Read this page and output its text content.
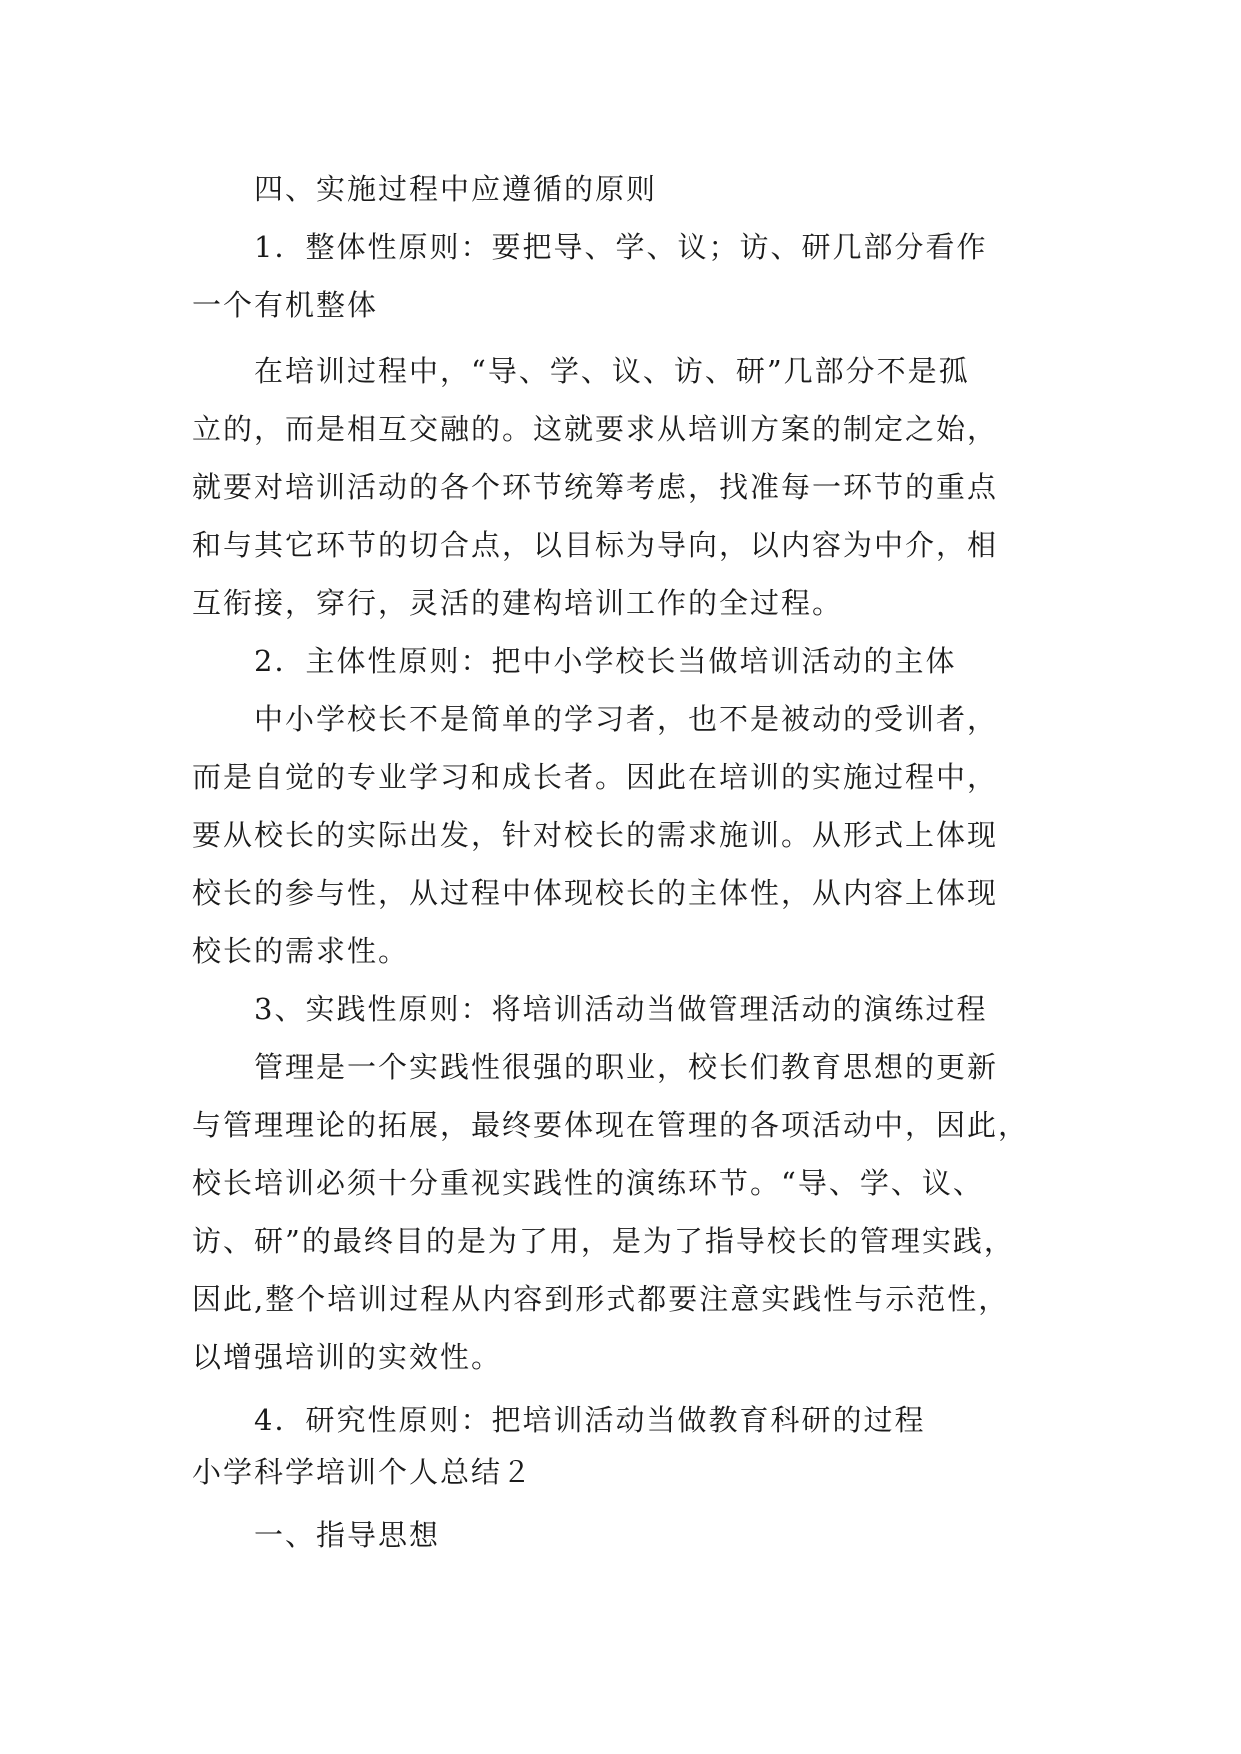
四、实施过程中应遵循的原则
1．整体性原则：要把导、学、议；访、研几部分看作
一个有机整体
在培训过程中，“导、学、议、访、研”几部分不是孤
立的，而是相互交融的。这就要求从培训方案的制定之始，
就要对培训活动的各个环节统筹考虑，找准每一环节的重点
和与其它环节的切合点，以目标为导向，以内容为中介，相
互衔接，穿行，灵活的建构培训工作的全过程。
2．主体性原则：把中小学校长当做培训活动的主体
中小学校长不是简单的学习者，也不是被动的受训者，
而是自觉的专业学习和成长者。因此在培训的实施过程中，
要从校长的实际出发，针对校长的需求施训。从形式上体现
校长的参与性，从过程中体现校长的主体性，从内容上体现
校长的需求性。
3、实践性原则：将培训活动当做管理活动的演练过程
管理是一个实践性很强的职业，校长们教育思想的更新
与管理理论的拓展，最终要体现在管理的各项活动中，因此，
校长培训必须十分重视实践性的演练环节。“导、学、议、
访、研”的最终目的是为了用，是为了指导校长的管理实践，
因此,整个培训过程从内容到形式都要注意实践性与示范性，
以增强培训的实效性。
4．研究性原则：把培训活动当做教育科研的过程
小学科学培训个人总结２
一、指导思想
